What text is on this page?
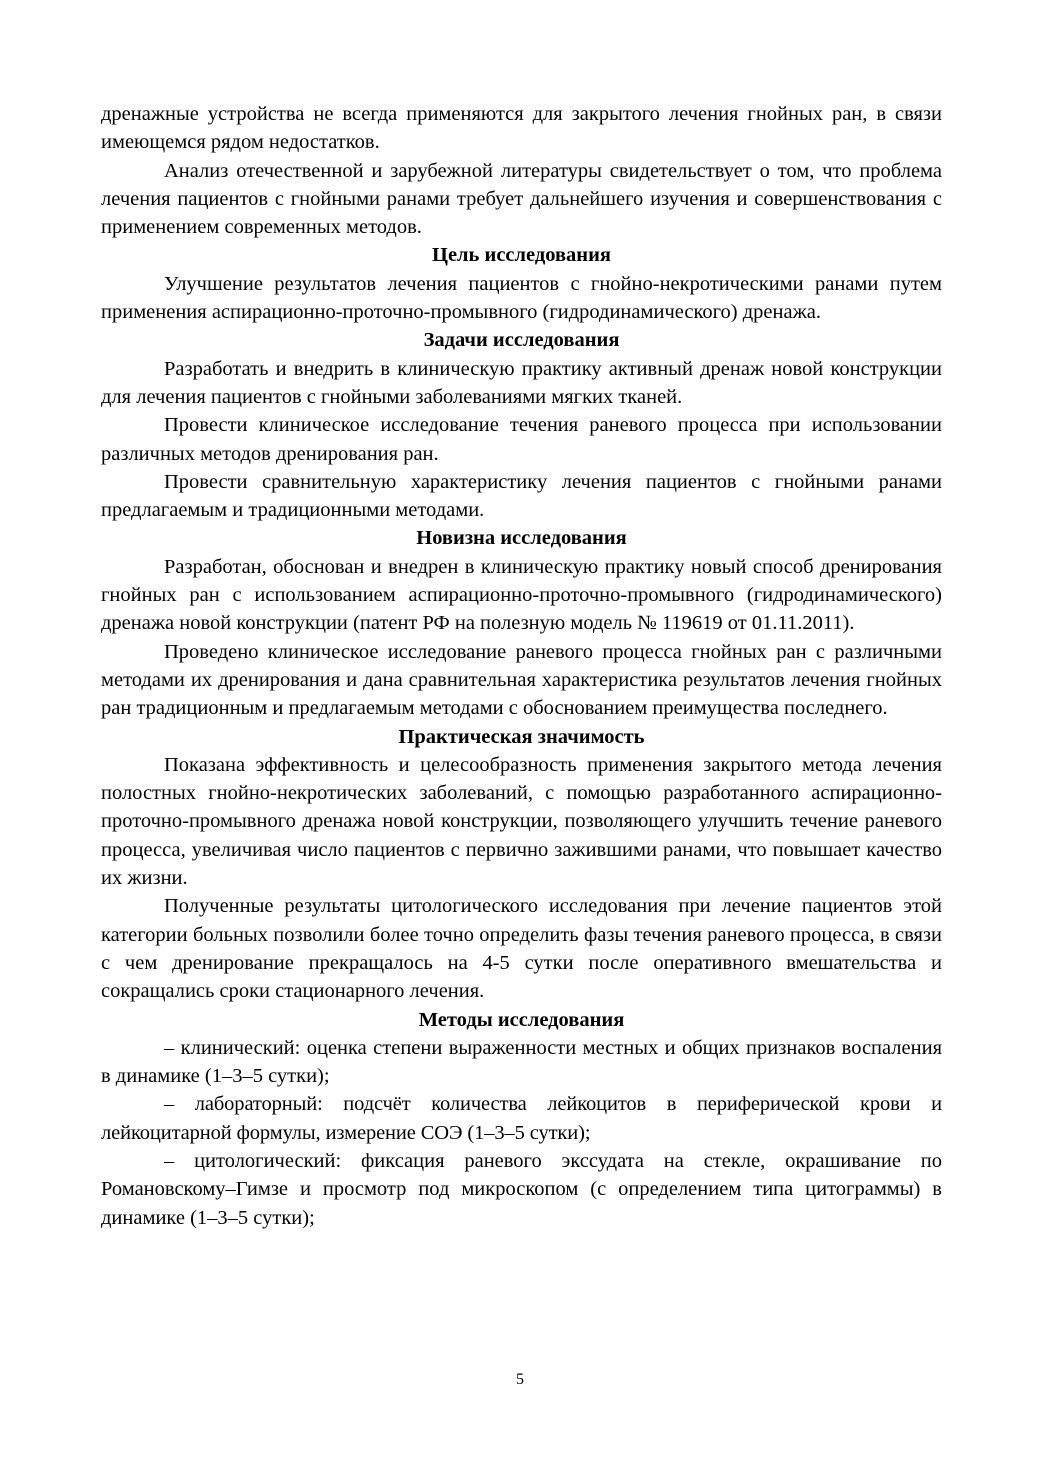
дренажные устройства не всегда применяются для закрытого лечения гнойных ран, в связи имеющемся рядом недостатков.

Анализ отечественной и зарубежной литературы свидетельствует о том, что проблема лечения пациентов с гнойными ранами требует дальнейшего изучения и совершенствования с применением современных методов.

Цель исследования

Улучшение результатов лечения пациентов с гнойно-некротическими ранами путем применения аспирационно-проточно-промывного (гидродинамического) дренажа.

Задачи исследования

Разработать и внедрить в клиническую практику активный дренаж новой конструкции для лечения пациентов с гнойными заболеваниями мягких тканей.

Провести клиническое исследование течения раневого процесса при использовании различных методов дренирования ран.

Провести сравнительную характеристику лечения пациентов с гнойными ранами предлагаемым и традиционными методами.

Новизна исследования

Разработан, обоснован и внедрен в клиническую практику новый способ дренирования гнойных ран с использованием аспирационно-проточно-промывного (гидродинамического) дренажа новой конструкции (патент РФ на полезную модель № 119619 от 01.11.2011).

Проведено клиническое исследование раневого процесса гнойных ран с различными методами их дренирования и дана сравнительная характеристика результатов лечения гнойных ран традиционным и предлагаемым методами с обоснованием преимущества последнего.

Практическая значимость

Показана эффективность и целесообразность применения закрытого метода лечения полостных гнойно-некротических заболеваний, с помощью разработанного аспирационно-проточно-промывного дренажа новой конструкции, позволяющего улучшить течение раневого процесса, увеличивая число пациентов с первично зажившими ранами, что повышает качество их жизни.

Полученные результаты цитологического исследования при лечение пациентов этой категории больных позволили более точно определить фазы течения раневого процесса, в связи с чем дренирование прекращалось на 4-5 сутки после оперативного вмешательства и сокращались сроки стационарного лечения.

Методы исследования

– клинический: оценка степени выраженности местных и общих признаков воспаления в динамике (1–3–5 сутки);

– лабораторный: подсчёт количества лейкоцитов в периферической крови и лейкоцитарной формулы, измерение СОЭ (1–3–5 сутки);

– цитологический: фиксация раневого экссудата на стекле, окрашивание по Романовскому–Гимзе и просмотр под микроскопом (с определением типа цитограммы) в динамике (1–3–5 сутки);

5
